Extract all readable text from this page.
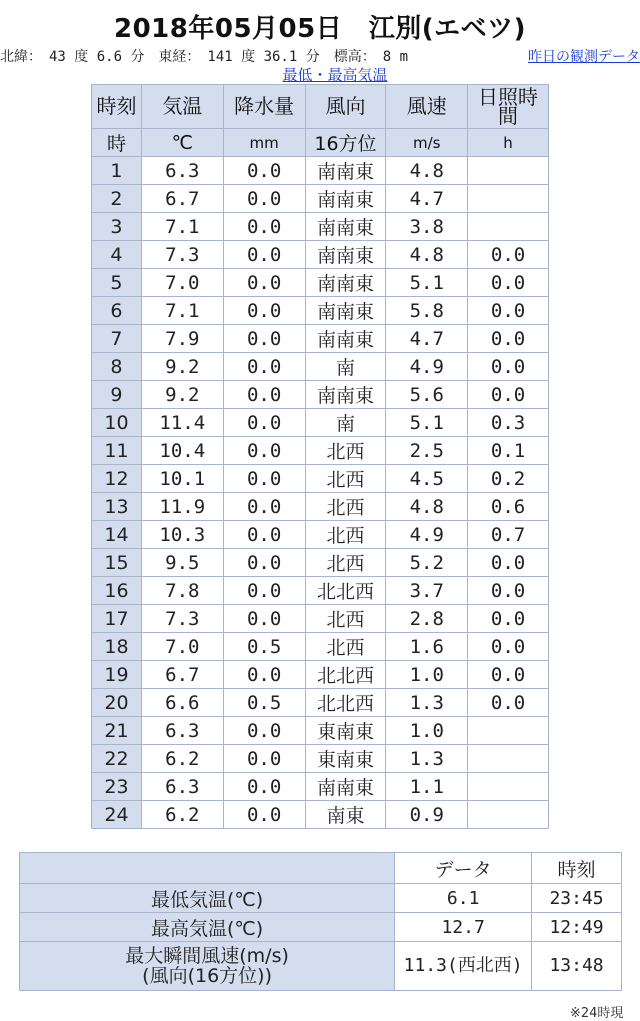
2018年05月05日　江別(エベツ)
北緯：　43 度 6.6 分　東経：　141 度 36.1 分　標高：　8 m	昨日の観測データ
最低・最高気温
時刻	気温	降水量	風向	風速	日照時間

時	℃	mm	16方位	m/s	h
1	6.3	0.0	南南東	4.8	
2	6.7	0.0	南南東	4.7	
3	7.1	0.0	南南東	3.8	
4	7.3	0.0	南南東	4.8	0.0
5	7.0	0.0	南南東	5.1	0.0
6	7.1	0.0	南南東	5.8	0.0
7	7.9	0.0	南南東	4.7	0.0
8	9.2	0.0	南	4.9	0.0
9	9.2	0.0	南南東	5.6	0.0
10	11.4	0.0	南	5.1	0.3
11	10.4	0.0	北西	2.5	0.1
12	10.1	0.0	北西	4.5	0.2
13	11.9	0.0	北西	4.8	0.6
14	10.3	0.0	北西	4.9	0.7
15	9.5	0.0	北西	5.2	0.0
16	7.8	0.0	北北西	3.7	0.0
17	7.3	0.0	北西	2.8	0.0
18	7.0	0.5	北西	1.6	0.0
19	6.7	0.0	北北西	1.0	0.0
20	6.6	0.5	北北西	1.3	0.0
21	6.3	0.0	東南東	1.0	
22	6.2	0.0	東南東	1.3	
23	6.3	0.0	南南東	1.1	
24	6.2	0.0	南東	0.9	
	データ	時刻
最低気温(℃)	6.1	23:45
最高気温(℃)	12.7	12:49

最大瞬間風速(m/s)
(風向(16方位))	11.3(西北西)	13:48
※24時現
